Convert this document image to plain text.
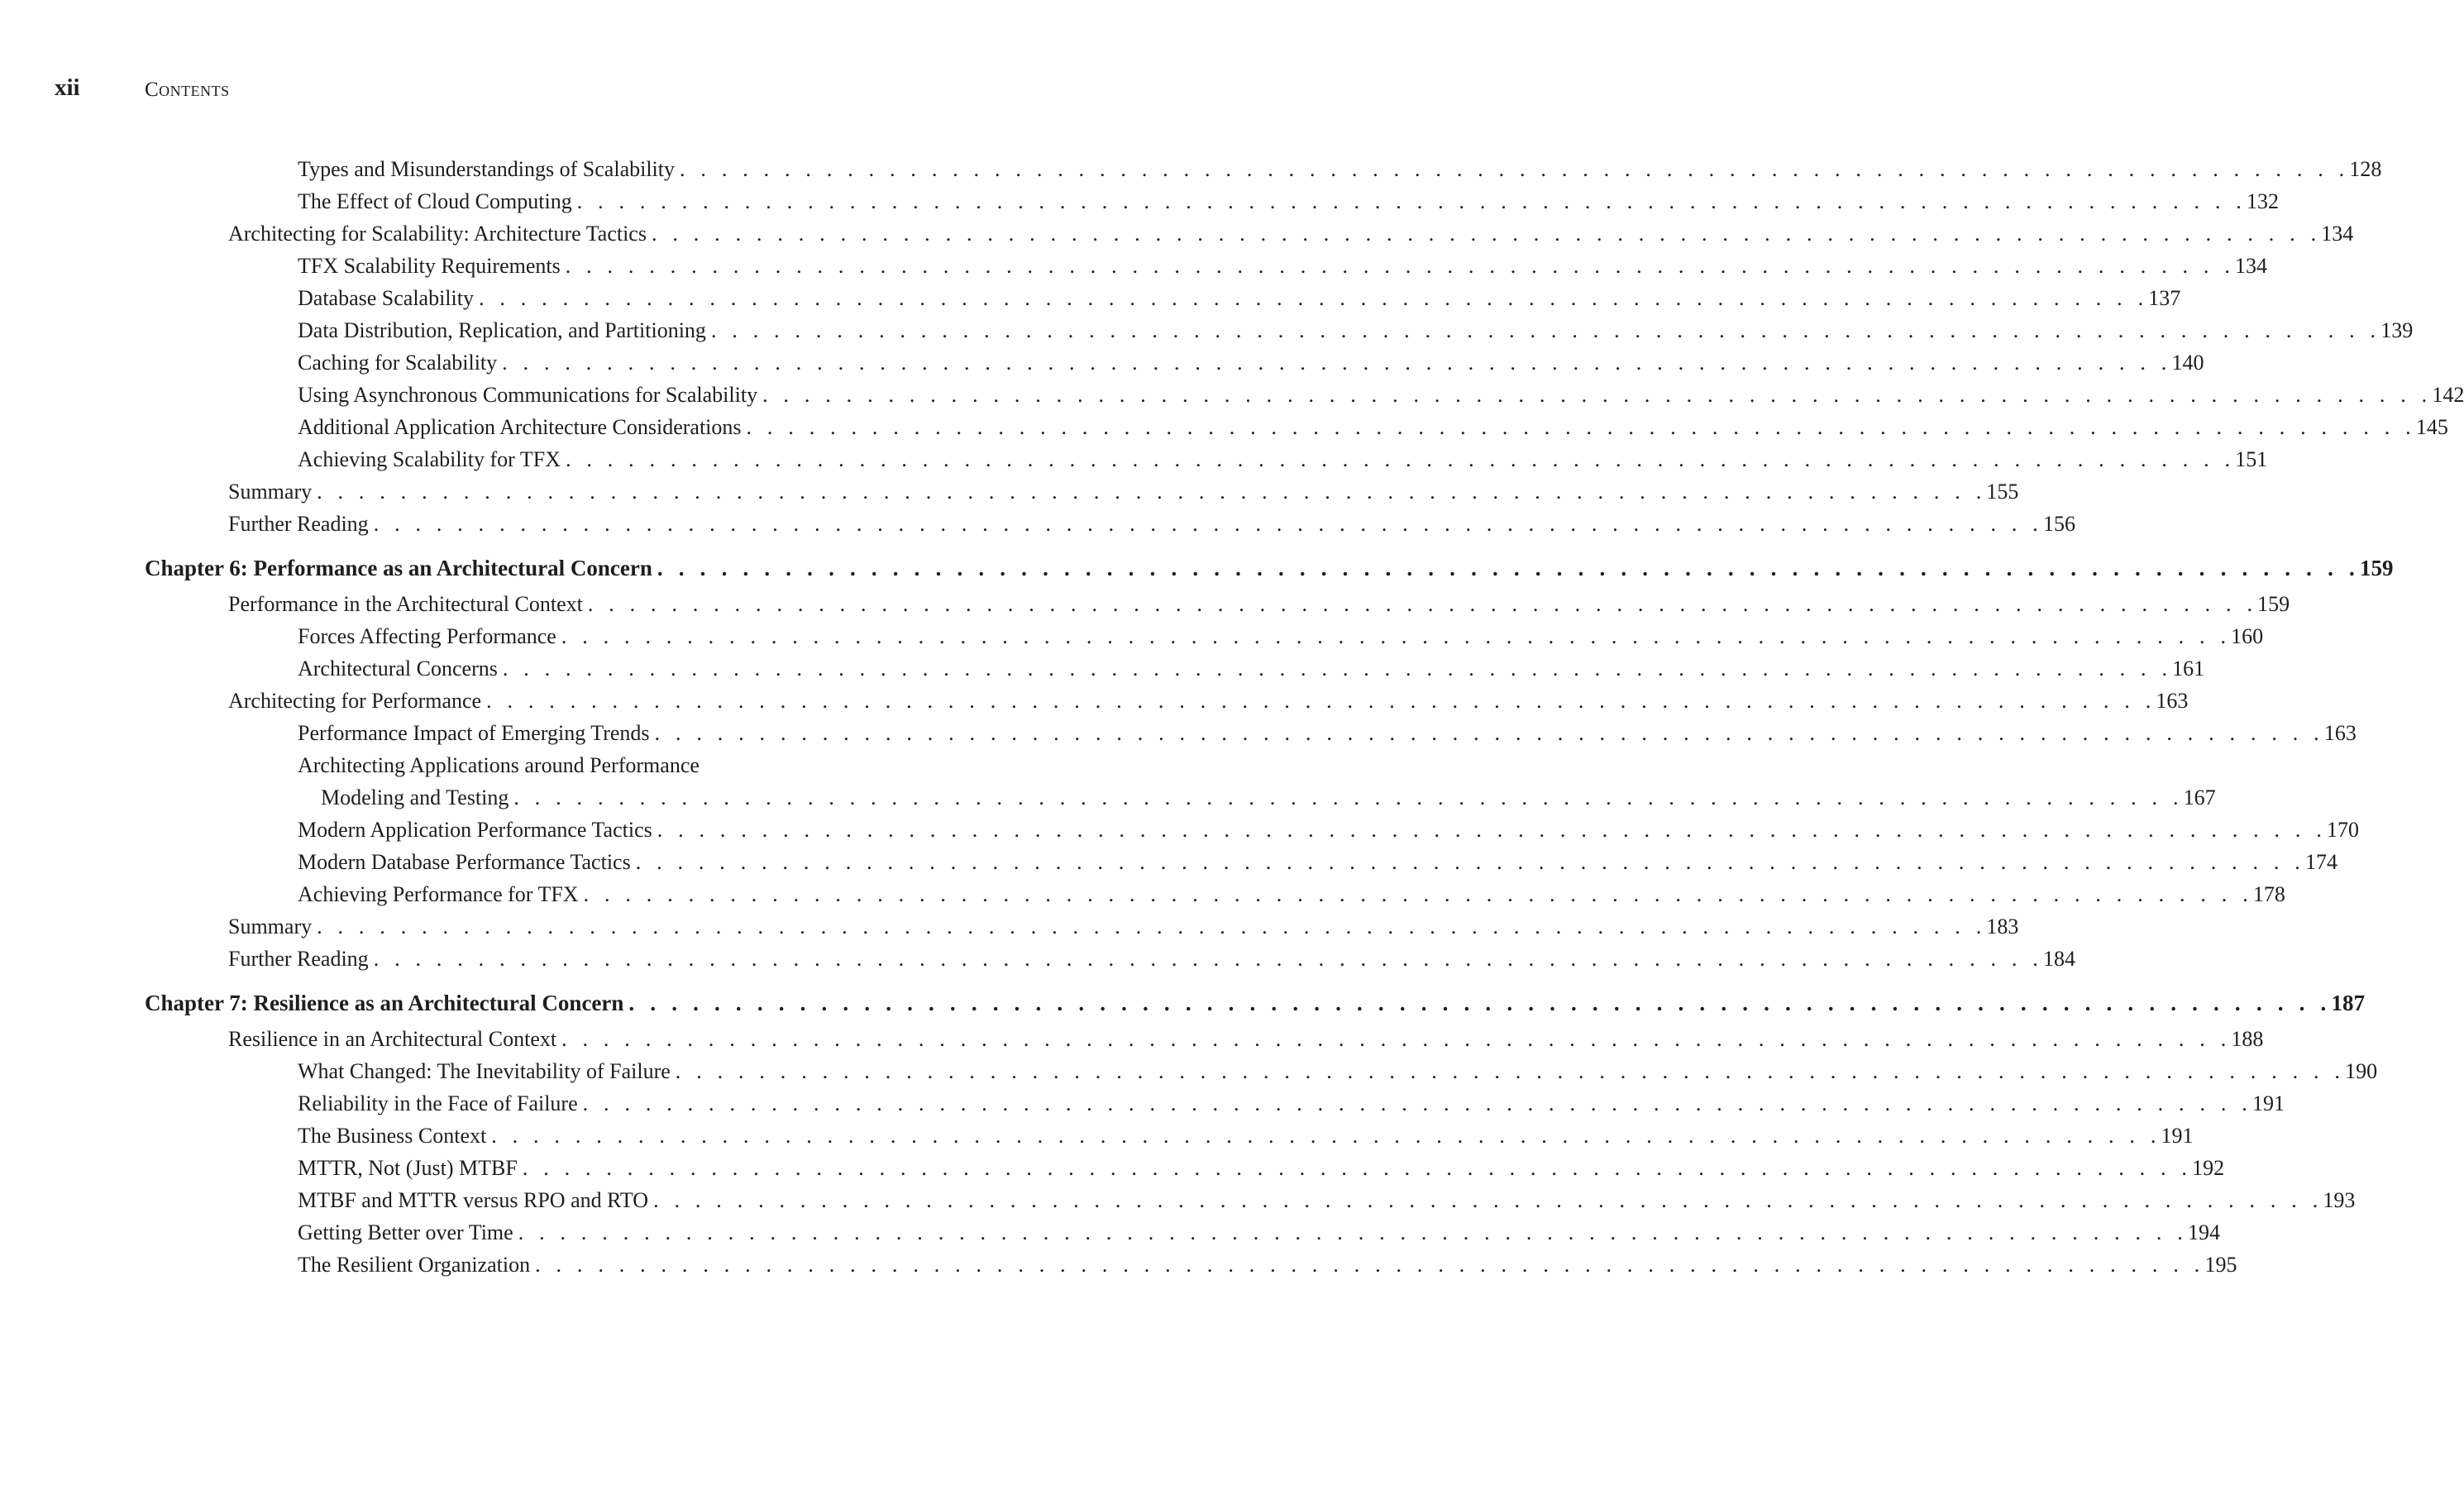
xii	Contents
Types and Misunderstandings of Scalability . . . . . . . . . . . . . . . . . . . . . . . . . . . . . . . . . . . . . . . . . . . . . . . . . . . . . . . . . . . . . . . . . . . . . . . . . . . . . . . . 128
The Effect of Cloud Computing . . . . . . . . . . . . . . . . . . . . . . . . . . . . . . . . . . . . . . . . . . . . . . . . . . . . . . . . . . . . . . . . . . . . . . . . . . . . . . . . 132
Architecting for Scalability: Architecture Tactics . . . . . . . . . . . . . . . . . . . . . . . . . . . . . . . . . . . . . . . . . . . . . . . . . . . . . . . . . . . . . . . . . . . . . . . . . . . . . . . . 134
TFX Scalability Requirements . . . . . . . . . . . . . . . . . . . . . . . . . . . . . . . . . . . . . . . . . . . . . . . . . . . . . . . . . . . . . . . . . . . . . . . . . . . . . . . . 134
Database Scalability . . . . . . . . . . . . . . . . . . . . . . . . . . . . . . . . . . . . . . . . . . . . . . . . . . . . . . . . . . . . . . . . . . . . . . . . . . . . . . . . 137
Data Distribution, Replication, and Partitioning . . . . . . . . . . . . . . . . . . . . . . . . . . . . . . . . . . . . . . . . . . . . . . . . . . . . . . . . . . . . . . . . . . . . . . . . . . . . . . . . 139
Caching for Scalability . . . . . . . . . . . . . . . . . . . . . . . . . . . . . . . . . . . . . . . . . . . . . . . . . . . . . . . . . . . . . . . . . . . . . . . . . . . . . . . . 140
Using Asynchronous Communications for Scalability . . . . . . . . . . . . . . . . . . . . . . . . . . . . . . . . . . . . . . . . . . . . . . . . . . . . . . . . . . . . . . . . . . . . . . . . . . . . . . . . 142
Additional Application Architecture Considerations . . . . . . . . . . . . . . . . . . . . . . . . . . . . . . . . . . . . . . . . . . . . . . . . . . . . . . . . . . . . . . . . . . . . . . . . . . . . . . . . 145
Achieving Scalability for TFX . . . . . . . . . . . . . . . . . . . . . . . . . . . . . . . . . . . . . . . . . . . . . . . . . . . . . . . . . . . . . . . . . . . . . . . . . . . . . . . . 151
Summary . . . . . . . . . . . . . . . . . . . . . . . . . . . . . . . . . . . . . . . . . . . . . . . . . . . . . . . . . . . . . . . . . . . . . . . . . . . . . . . . 155
Further Reading . . . . . . . . . . . . . . . . . . . . . . . . . . . . . . . . . . . . . . . . . . . . . . . . . . . . . . . . . . . . . . . . . . . . . . . . . . . . . . . . 156
Chapter 6: Performance as an Architectural Concern . . . . . . . . . . . . . . . . . . . . . . . . . . . . . . . . . . . . . . . . . . . . . . . . . . . . . . . . . . . . . . . . . . . . . . . . . . . . . . . . 159
Performance in the Architectural Context . . . . . . . . . . . . . . . . . . . . . . . . . . . . . . . . . . . . . . . . . . . . . . . . . . . . . . . . . . . . . . . . . . . . . . . . . . . . . . . . 159
Forces Affecting Performance . . . . . . . . . . . . . . . . . . . . . . . . . . . . . . . . . . . . . . . . . . . . . . . . . . . . . . . . . . . . . . . . . . . . . . . . . . . . . . . . 160
Architectural Concerns . . . . . . . . . . . . . . . . . . . . . . . . . . . . . . . . . . . . . . . . . . . . . . . . . . . . . . . . . . . . . . . . . . . . . . . . . . . . . . . . 161
Architecting for Performance . . . . . . . . . . . . . . . . . . . . . . . . . . . . . . . . . . . . . . . . . . . . . . . . . . . . . . . . . . . . . . . . . . . . . . . . . . . . . . . . 163
Performance Impact of Emerging Trends . . . . . . . . . . . . . . . . . . . . . . . . . . . . . . . . . . . . . . . . . . . . . . . . . . . . . . . . . . . . . . . . . . . . . . . . . . . . . . . . 163
Architecting Applications around Performance
Modeling and Testing . . . . . . . . . . . . . . . . . . . . . . . . . . . . . . . . . . . . . . . . . . . . . . . . . . . . . . . . . . . . . . . . . . . . . . . . . . . . . . . . 167
Modern Application Performance Tactics . . . . . . . . . . . . . . . . . . . . . . . . . . . . . . . . . . . . . . . . . . . . . . . . . . . . . . . . . . . . . . . . . . . . . . . . . . . . . . . . 170
Modern Database Performance Tactics . . . . . . . . . . . . . . . . . . . . . . . . . . . . . . . . . . . . . . . . . . . . . . . . . . . . . . . . . . . . . . . . . . . . . . . . . . . . . . . . 174
Achieving Performance for TFX . . . . . . . . . . . . . . . . . . . . . . . . . . . . . . . . . . . . . . . . . . . . . . . . . . . . . . . . . . . . . . . . . . . . . . . . . . . . . . . . 178
Summary . . . . . . . . . . . . . . . . . . . . . . . . . . . . . . . . . . . . . . . . . . . . . . . . . . . . . . . . . . . . . . . . . . . . . . . . . . . . . . . . 183
Further Reading . . . . . . . . . . . . . . . . . . . . . . . . . . . . . . . . . . . . . . . . . . . . . . . . . . . . . . . . . . . . . . . . . . . . . . . . . . . . . . . . 184
Chapter 7: Resilience as an Architectural Concern . . . . . . . . . . . . . . . . . . . . . . . . . . . . . . . . . . . . . . . . . . . . . . . . . . . . . . . . . . . . . . . . . . . . . . . . . . . . . . . . 187
Resilience in an Architectural Context . . . . . . . . . . . . . . . . . . . . . . . . . . . . . . . . . . . . . . . . . . . . . . . . . . . . . . . . . . . . . . . . . . . . . . . . . . . . . . . . 188
What Changed: The Inevitability of Failure . . . . . . . . . . . . . . . . . . . . . . . . . . . . . . . . . . . . . . . . . . . . . . . . . . . . . . . . . . . . . . . . . . . . . . . . . . . . . . . . 190
Reliability in the Face of Failure . . . . . . . . . . . . . . . . . . . . . . . . . . . . . . . . . . . . . . . . . . . . . . . . . . . . . . . . . . . . . . . . . . . . . . . . . . . . . . . . 191
The Business Context . . . . . . . . . . . . . . . . . . . . . . . . . . . . . . . . . . . . . . . . . . . . . . . . . . . . . . . . . . . . . . . . . . . . . . . . . . . . . . . . 191
MTTR, Not (Just) MTBF . . . . . . . . . . . . . . . . . . . . . . . . . . . . . . . . . . . . . . . . . . . . . . . . . . . . . . . . . . . . . . . . . . . . . . . . . . . . . . . . 192
MTBF and MTTR versus RPO and RTO . . . . . . . . . . . . . . . . . . . . . . . . . . . . . . . . . . . . . . . . . . . . . . . . . . . . . . . . . . . . . . . . . . . . . . . . . . . . . . . . 193
Getting Better over Time . . . . . . . . . . . . . . . . . . . . . . . . . . . . . . . . . . . . . . . . . . . . . . . . . . . . . . . . . . . . . . . . . . . . . . . . . . . . . . . . 194
The Resilient Organization . . . . . . . . . . . . . . . . . . . . . . . . . . . . . . . . . . . . . . . . . . . . . . . . . . . . . . . . . . . . . . . . . . . . . . . . . . . . . . . . 195
